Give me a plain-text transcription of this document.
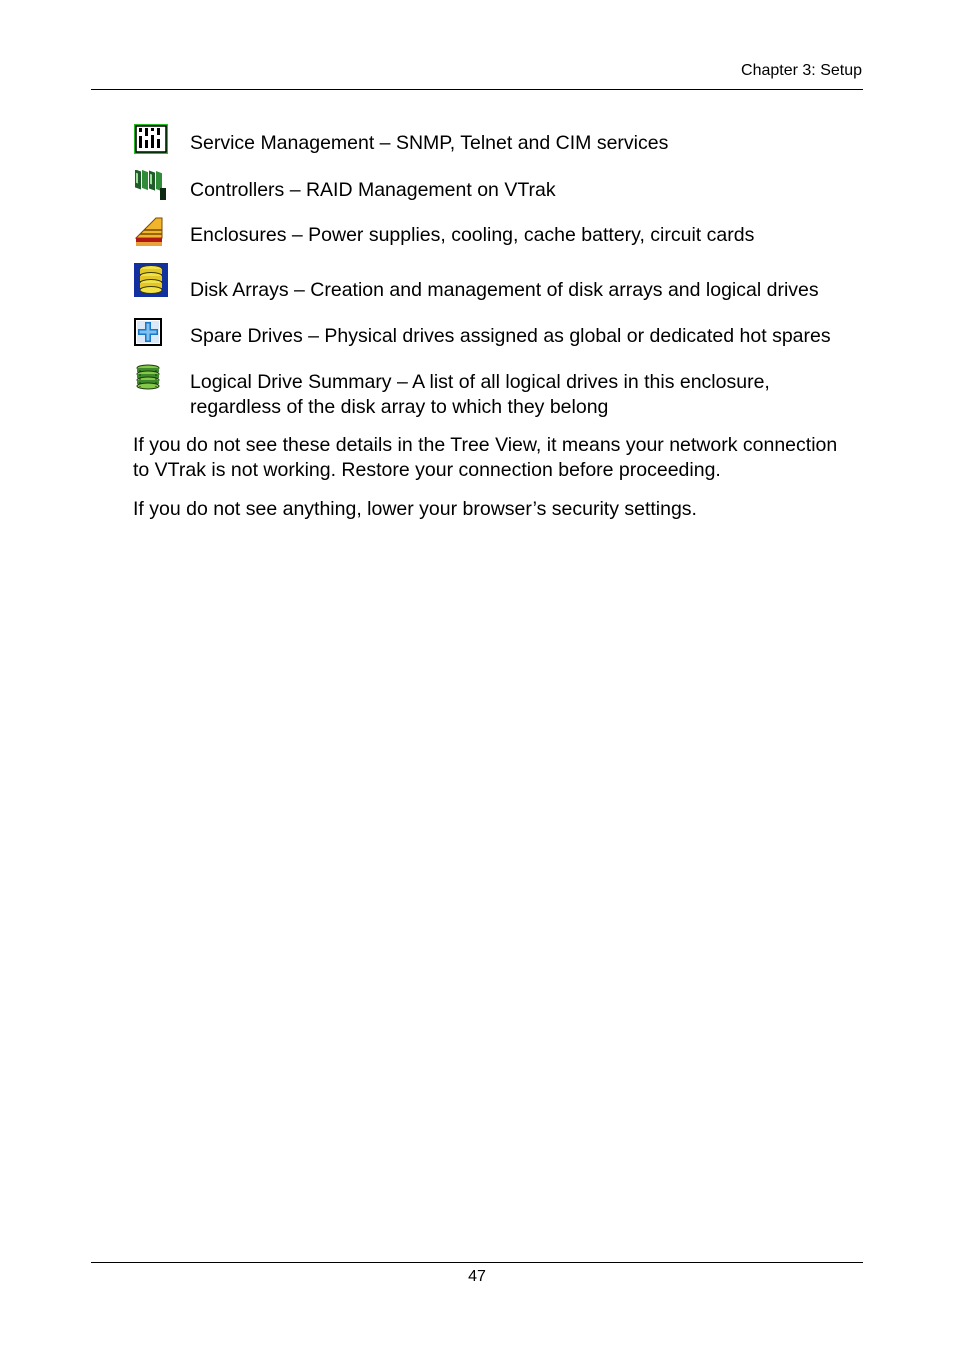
Chapter 3: Setup
Service Management – SNMP, Telnet and CIM services
Controllers – RAID Management on VTrak
Enclosures – Power supplies, cooling, cache battery, circuit cards
Disk Arrays – Creation and management of disk arrays and logical drives
Spare Drives – Physical drives assigned as global or dedicated hot spares
Logical Drive Summary – A list of all logical drives in this enclosure,
regardless of the disk array to which they belong
If you do not see these details in the Tree View, it means your network connection
to VTrak is not working. Restore your connection before proceeding.
If you do not see anything, lower your browser’s security settings.
47
